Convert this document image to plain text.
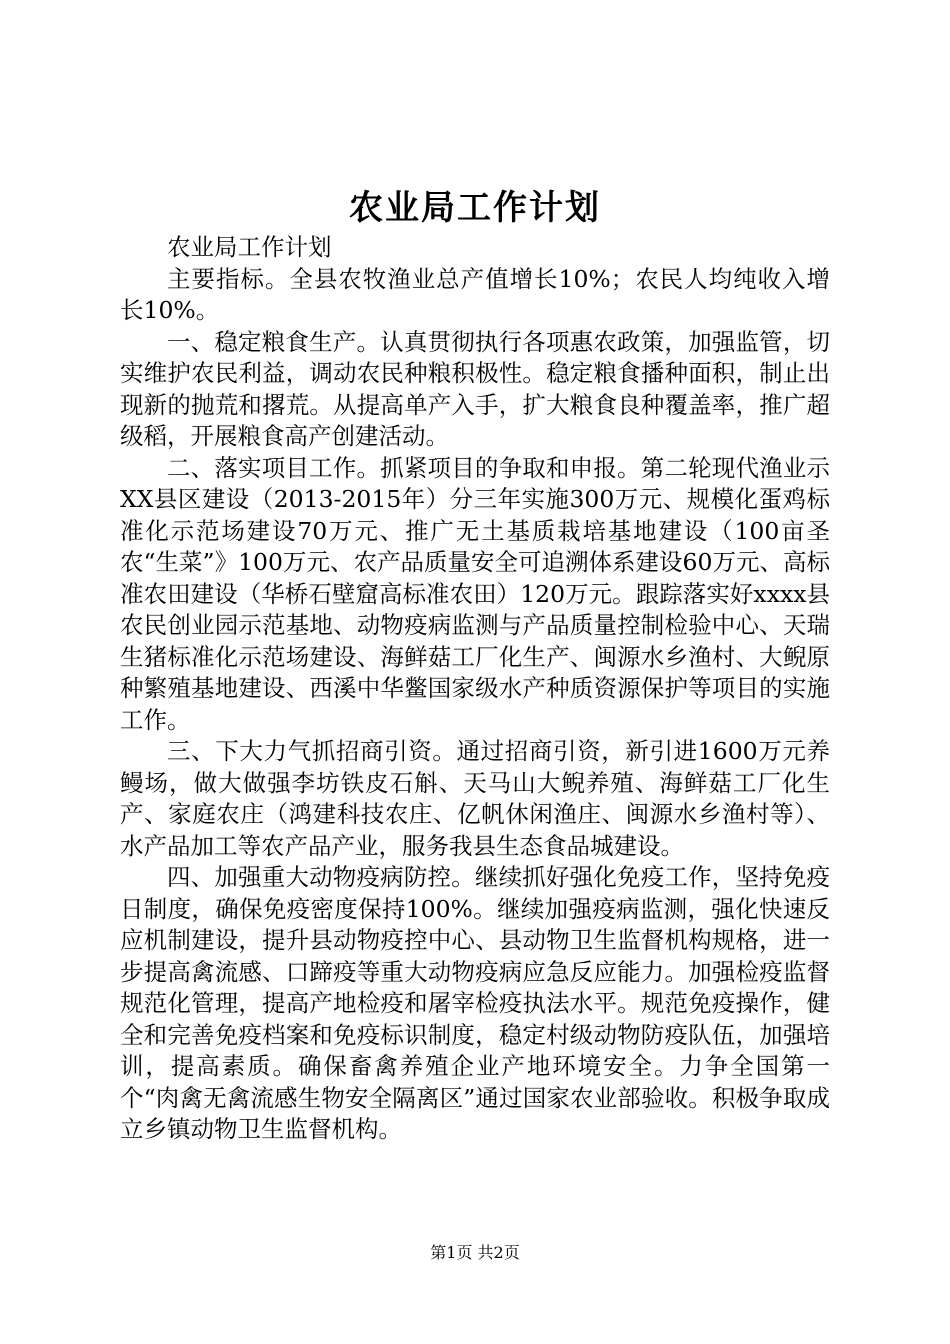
农业局工作计划

农业局工作计划

主要指标。全县农牧渔业总产值增长10%；农民人均纯收入增长10%。

一、稳定粮食生产。认真贯彻执行各项惠农政策，加强监管，切实维护农民利益，调动农民种粮积极性。稳定粮食播种面积，制止出现新的抛荒和撂荒。从提高单产入手，扩大粮食良种覆盖率，推广超级稻，开展粮食高产创建活动。

二、落实项目工作。抓紧项目的争取和申报。第二轮现代渔业示XX县区建设（2013-2015年）分三年实施300万元、规模化蛋鸡标准化示范场建设70万元、推广无土基质栽培基地建设（100亩圣农“生菜”》100万元、农产品质量安全可追溯体系建设60万元、高标准农田建设（华桥石壁窟高标准农田）120万元。跟踪落实好xxxx县农民创业园示范基地、动物疫病监测与产品质量控制检验中心、天瑞生猪标准化示范场建设、海鲜菇工厂化生产、闽源水乡渔村、大鲵原种繁殖基地建设、西溪中华鳖国家级水产种质资源保护等项目的实施工作。

三、下大力气抓招商引资。通过招商引资，新引进1600万元养鳗场，做大做强李坊铁皮石斛、天马山大鲵养殖、海鲜菇工厂化生产、家庭农庄（鸿建科技农庄、亿帆休闲渔庄、闽源水乡渔村等）、水产品加工等农产品产业，服务我县生态食品城建设。

四、加强重大动物疫病防控。继续抓好强化免疫工作，坚持免疫日制度，确保免疫密度保持100%。继续加强疫病监测，强化快速反应机制建设，提升县动物疫控中心、县动物卫生监督机构规格，进一步提高禽流感、口蹄疫等重大动物疫病应急反应能力。加强检疫监督规范化管理，提高产地检疫和屠宰检疫执法水平。规范免疫操作，健全和完善免疫档案和免疫标识制度，稳定村级动物防疫队伍，加强培训，提高素质。确保畜禽养殖企业产地环境安全。力争全国第一个“肉禽无禽流感生物安全隔离区”通过国家农业部验收。积极争取成立乡镇动物卫生监督机构。

第1页 共2页
